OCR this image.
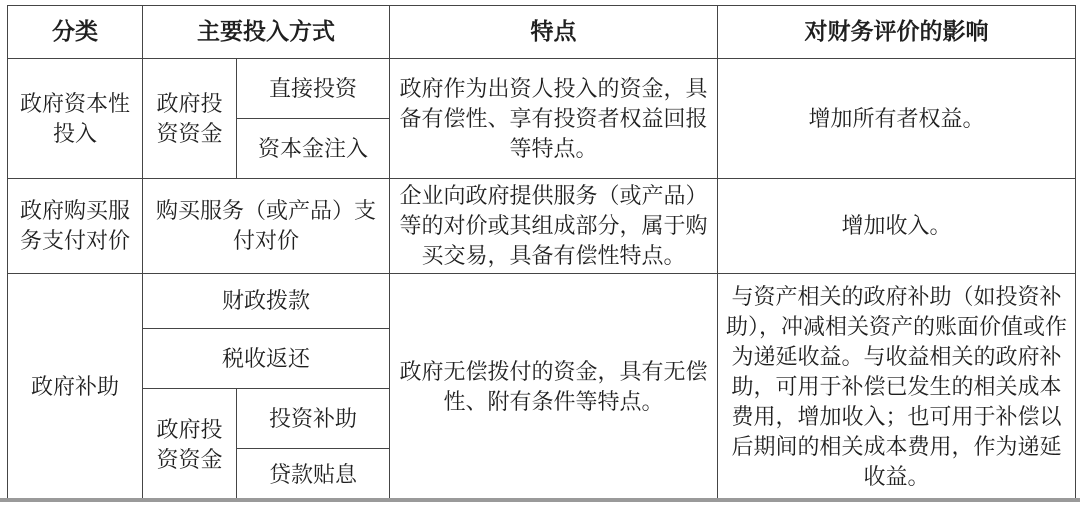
分类	主要投入方式		特点	对财务评价的影响
政府资本性投入	政府投资资金	直接投资	政府作为出资人投入的资金，具备有偿性、享有投资者权益回报等特点。	增加所有者权益。
		资本金注入		
政府购买服务支付对价	购买服务（或产品）支付对价		企业向政府提供服务（或产品）等的对价或其组成部分，属于购买交易，具备有偿性特点。	增加收入。
政府补助	财政拨款		政府无偿拨付的资金，具有无偿性、附有条件等特点。	与资产相关的政府补助（如投资补助），冲减相关资产的账面价值或作为递延收益。与收益相关的政府补助，可用于补偿已发生的相关成本费用，增加收入；也可用于补偿以后期间的相关成本费用，作为递延收益。
	税收返还			
	政府投资资金	投资补助		
		贷款贴息		
